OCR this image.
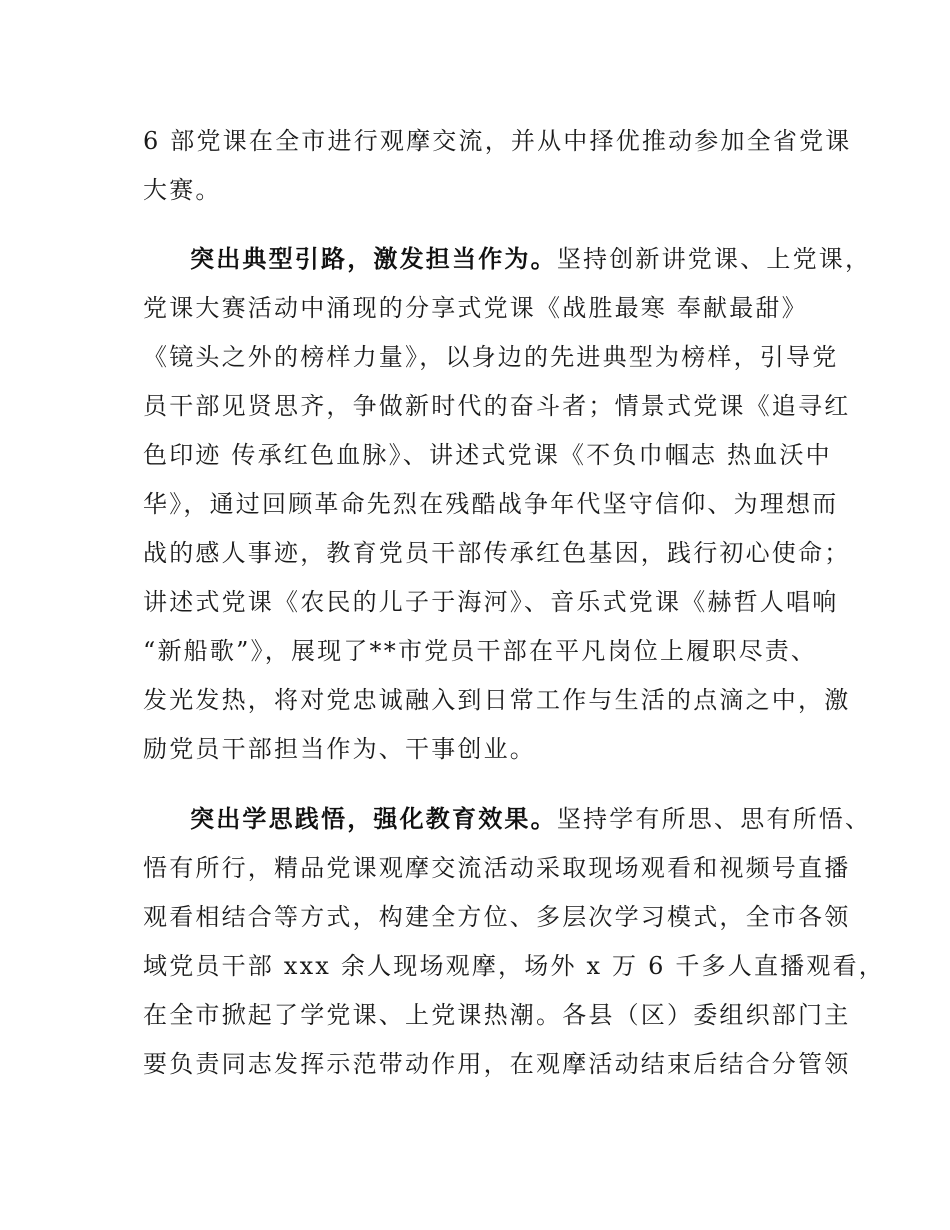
6 部党课在全市进行观摩交流，并从中择优推动参加全省党课
大赛。
突出典型引路，激发担当作为。坚持创新讲党课、上党课，
党课大赛活动中涌现的分享式党课《战胜最寒 奉献最甜》
《镜头之外的榜样力量》，以身边的先进典型为榜样，引导党
员干部见贤思齐，争做新时代的奋斗者；情景式党课《追寻红
色印迹 传承红色血脉》、讲述式党课《不负巾帼志 热血沃中
华》，通过回顾革命先烈在残酷战争年代坚守信仰、为理想而
战的感人事迹，教育党员干部传承红色基因，践行初心使命；
讲述式党课《农民的儿子于海河》、音乐式党课《赫哲人唱响
“新船歌”》，展现了**市党员干部在平凡岗位上履职尽责、
发光发热，将对党忠诚融入到日常工作与生活的点滴之中，激
励党员干部担当作为、干事创业。
突出学思践悟，强化教育效果。坚持学有所思、思有所悟、
悟有所行，精品党课观摩交流活动采取现场观看和视频号直播
观看相结合等方式，构建全方位、多层次学习模式，全市各领
域党员干部 xxx 余人现场观摩，场外 x 万 6 千多人直播观看，
在全市掀起了学党课、上党课热潮。各县（区）委组织部门主
要负责同志发挥示范带动作用，在观摩活动结束后结合分管领
